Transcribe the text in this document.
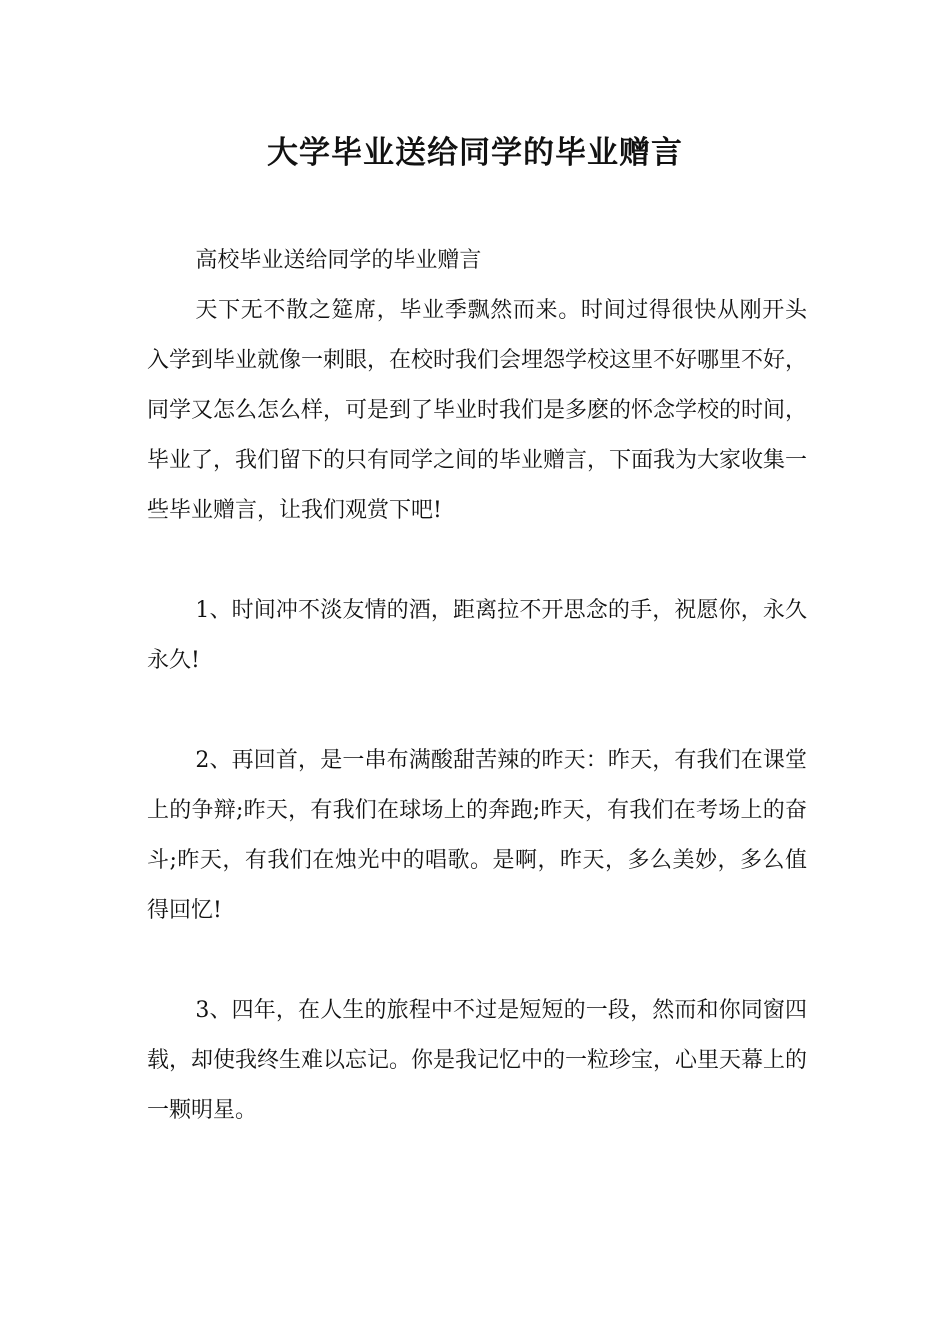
大学毕业送给同学的毕业赠言

高校毕业送给同学的毕业赠言

天下无不散之筵席，毕业季飘然而来。时间过得很快从刚开头入学到毕业就像一刺眼，在校时我们会埋怨学校这里不好哪里不好，同学又怎么怎么样，可是到了毕业时我们是多麽的怀念学校的时间，毕业了，我们留下的只有同学之间的毕业赠言，下面我为大家收集一些毕业赠言，让我们观赏下吧!

1、时间冲不淡友情的酒，距离拉不开思念的手，祝愿你，永久永久!

2、再回首，是一串布满酸甜苦辣的昨天：昨天，有我们在课堂上的争辩;昨天，有我们在球场上的奔跑;昨天，有我们在考场上的奋斗;昨天，有我们在烛光中的唱歌。是啊，昨天，多么美妙，多么值得回忆!

3、四年，在人生的旅程中不过是短短的一段，然而和你同窗四载，却使我终生难以忘记。你是我记忆中的一粒珍宝，心里天幕上的一颗明星。
